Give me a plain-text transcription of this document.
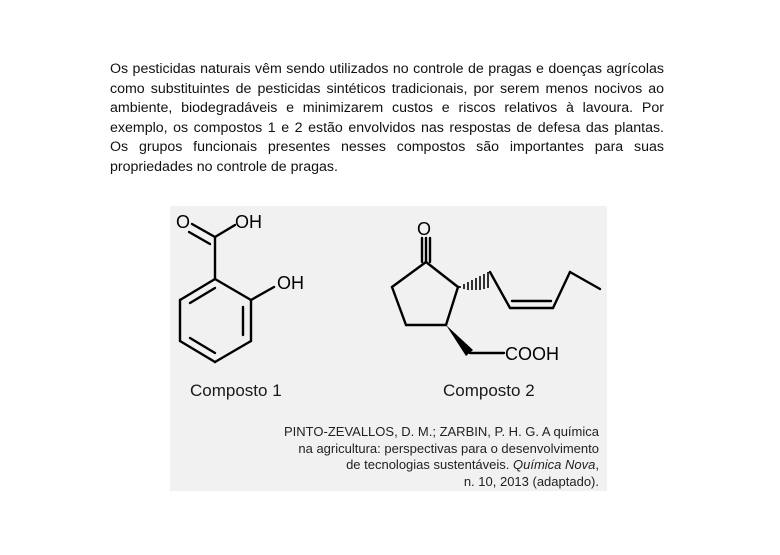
Os pesticidas naturais vêm sendo utilizados no controle de pragas e doenças agrícolas como substituintes de pesticidas sintéticos tradicionais, por serem menos nocivos ao ambiente, biodegradáveis e minimizarem custos e riscos relativos à lavoura. Por exemplo, os compostos 1 e 2 estão envolvidos nas respostas de defesa das plantas. Os grupos funcionais presentes nesses compostos são importantes para suas propriedades no controle de pragas.

O OH
OH
O
COOH
Composto 1	Composto 2
PINTO-ZEVALLOS, D. M.; ZARBIN, P. H. G. A química
na agricultura: perspectivas para o desenvolvimento
de tecnologias sustentáveis. Química Nova,
n. 10, 2013 (adaptado).
